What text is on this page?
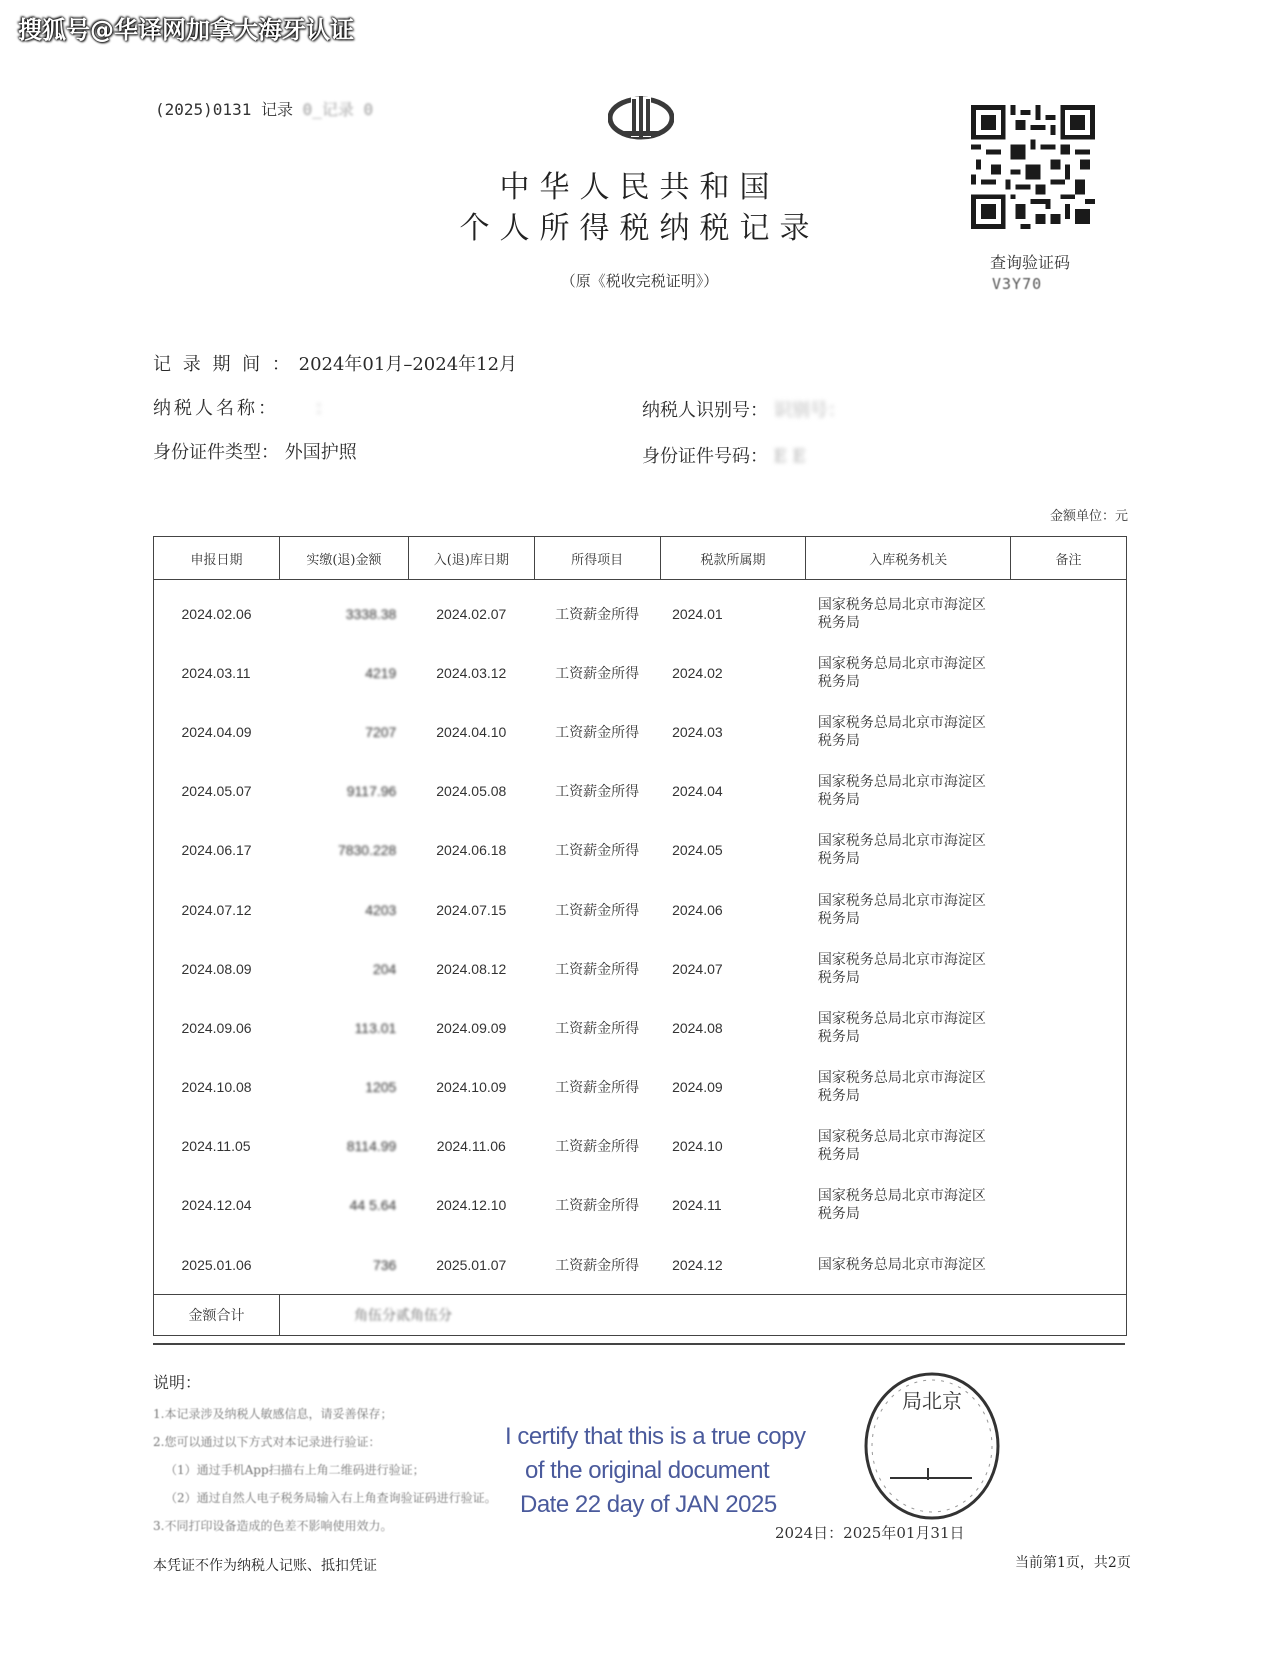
搜狐号@华译网加拿大海牙认证
(2025)0131 记录 0_记录 0
中华人民共和国
个人所得税纳税记录
（原《税收完税证明》）
查询验证码
V3Y70
记 录 期 间 ： 2024年01月–2024年12月
纳税人名称： ：	纳税人识别号： 识别号：
身份证件类型： 外国护照	身份证件号码： E E
金额单位：元
申报日期	实缴(退)金额	入(退)库日期	所得项目	税款所属期	入库税务机关	备注
2024.02.06	3338.38	2024.02.07	工资薪金所得	2024.01	国家税务总局北京市海淀区
税务局	

2024.03.11	4219	2024.03.12	工资薪金所得	2024.02	国家税务总局北京市海淀区
税务局	

2024.04.09	7207	2024.04.10	工资薪金所得	2024.03	国家税务总局北京市海淀区
税务局	

2024.05.07	9117.96	2024.05.08	工资薪金所得	2024.04	国家税务总局北京市海淀区
税务局	

2024.06.17	7830.228	2024.06.18	工资薪金所得	2024.05	国家税务总局北京市海淀区
税务局	

2024.07.12	4203	2024.07.15	工资薪金所得	2024.06	国家税务总局北京市海淀区
税务局	

2024.08.09	204	2024.08.12	工资薪金所得	2024.07	国家税务总局北京市海淀区
税务局	

2024.09.06	113.01	2024.09.09	工资薪金所得	2024.08	国家税务总局北京市海淀区
税务局	

2024.10.08	1205	2024.10.09	工资薪金所得	2024.09	国家税务总局北京市海淀区
税务局	

2024.11.05	8114.99	2024.11.06	工资薪金所得	2024.10	国家税务总局北京市海淀区
税务局	

2024.12.04	44 5.64	2024.12.10	工资薪金所得	2024.11	国家税务总局北京市海淀区
税务局	

2025.01.06	736	2025.01.07	工资薪金所得	2024.12	国家税务总局北京市海淀区	

金额合计	角伍分贰角伍分					
说明：
1.本记录涉及纳税人敏感信息，请妥善保存；
2.您可以通过以下方式对本记录进行验证：
（1）通过手机App扫描右上角二维码进行验证；
（2）通过自然人电子税务局输入右上角查询验证码进行验证。
3.不同打印设备造成的色差不影响使用效力。
I certify that this is a true copy
of the original document
Date 22 day of JAN 2025
局北京
2024日：2025年01月31日
本凭证不作为纳税人记账、抵扣凭证	当前第1页，共2页
